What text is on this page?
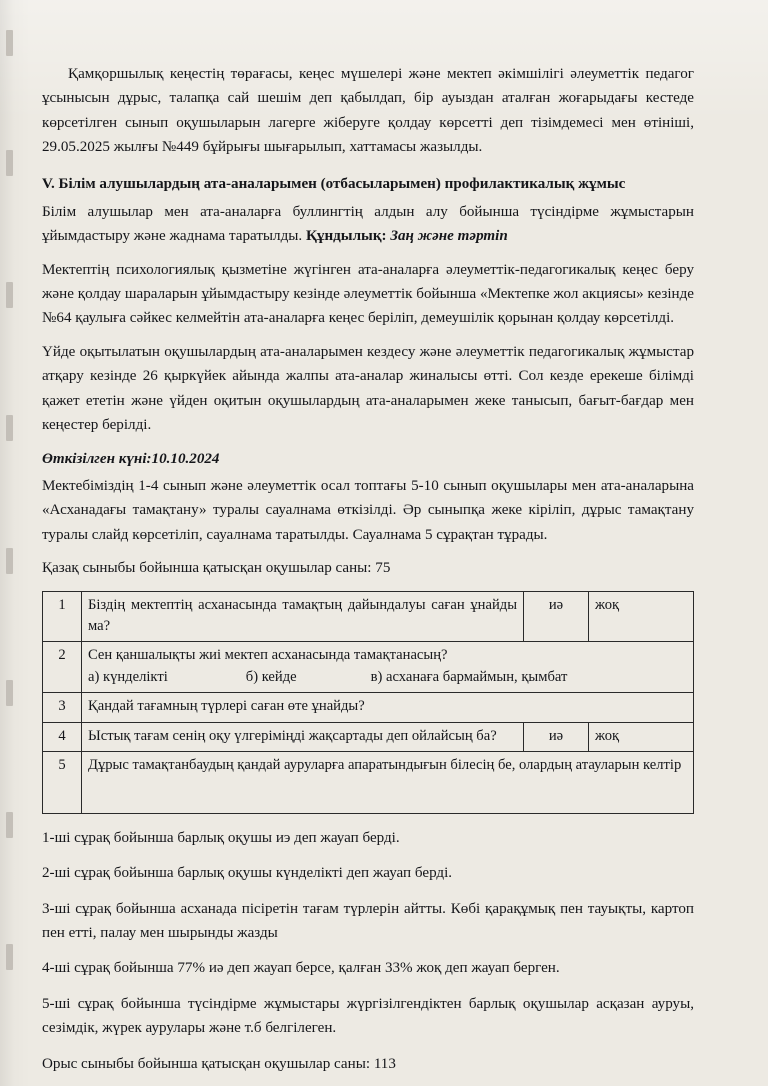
Қамқоршылық кеңестің төрағасы, кеңес мүшелері және мектеп әкімшілігі әлеуметтік педагог ұсынысын дұрыс, талапқа сай шешім деп қабылдап, бір ауыздан аталған жоғарыдағы кестеде көрсетілген сынып оқушыларын лагерге жіберуге қолдау көрсетті деп тізімдемесі мен өтініші, 29.05.2025 жылғы №449 бұйрығы шығарылып, хаттамасы жазылды.

V. Білім алушылардың ата-аналарымен (отбасыларымен) профилактикалық жұмыс

Білім алушылар мен ата-аналарға буллингтің алдын алу бойынша түсіндірме жұмыстарын ұйымдастыру және жаднама таратылды. Құндылық: Заң және тәртіп

Мектептің психологиялық қызметіне жүгінген ата-аналарға әлеуметтік-педагогикалық кеңес беру және қолдау шараларын ұйымдастыру кезінде әлеуметтік бойынша «Мектепке жол акциясы» кезінде №64 қаулыға сәйкес келмейтін ата-аналарға кеңес беріліп, демеушілік қорынан қолдау көрсетілді.

Үйде оқытылатын оқушылардың ата-аналарымен кездесу және әлеуметтік педагогикалық жұмыстар атқару кезінде 26 қыркүйек айында жалпы ата-аналар жиналысы өтті. Сол кезде ерекеше білімді қажет ететін және үйден оқитын оқушылардың ата-аналарымен жеке танысып, бағыт-бағдар мен кеңестер берілді.

Өткізілген күні:10.10.2024

Мектебіміздің 1-4 сынып және әлеуметтік осал топтағы 5-10 сынып оқушылары мен ата-аналарына «Асханадағы тамақтану» туралы сауалнама өткізілді. Әр сыныпқа жеке кіріліп, дұрыс тамақтану туралы слайд көрсетіліп, сауалнама таратылды. Сауалнама 5 сұрақтан тұрады.

Қазақ сыныбы бойынша қатысқан оқушылар саны: 75

1	Біздің мектептің асханасында тамақтың дайындалуы саған ұнайды ма?	иә	жоқ
2	Сен қаншалықты жиі мектеп асханасында тамақтанасың?
а) күнделікті б) кейде в) асханаға бармаймын, қымбат		

3	Қандай тағамның түрлері саған өте ұнайды?		
4	Ыстық тағам сенің оқу үлгеріміңді жақсартады деп ойлайсың ба?	иә	жоқ
5	Дұрыс тамақтанбаудың қандай ауруларға апаратындығын білесің бе, олардың атауларын келтір		

1-ші сұрақ бойынша барлық оқушы иэ деп жауап берді.

2-ші сұрақ бойынша барлық оқушы күнделікті деп жауап берді.

3-ші сұрақ бойынша асханада пісіретін тағам түрлерін айтты. Көбі қарақұмық пен тауықты, картоп пен етті, палау мен шырынды жазды

4-ші сұрақ бойынша 77% иә деп жауап берсе, қалған 33% жоқ деп жауап берген.

5-ші сұрақ бойынша түсіндірме жұмыстары жүргізілгендіктен барлық оқушылар асқазан ауруы, сезімдік, жүрек аурулары және т.б белгілеген.

Орыс сыныбы бойынша қатысқан оқушылар саны: 113
